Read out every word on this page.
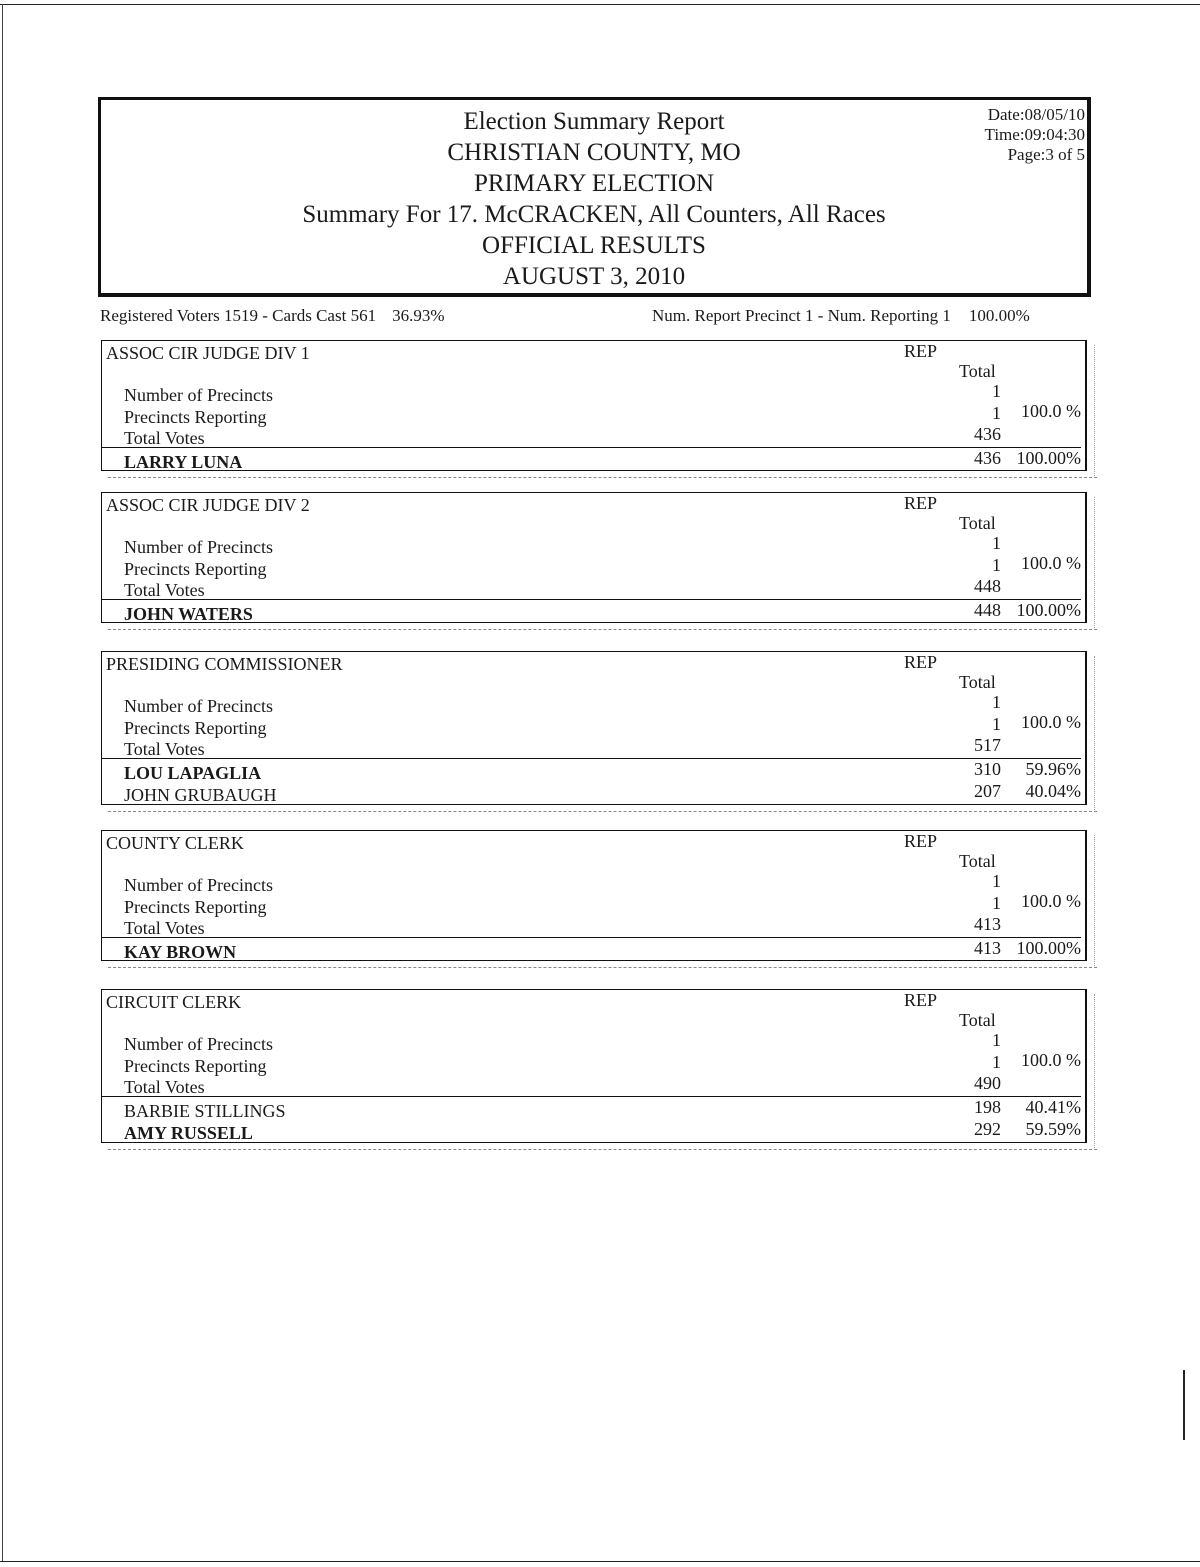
Election Summary Report
CHRISTIAN COUNTY, MO
PRIMARY ELECTION
Summary For 17. McCRACKEN, All Counters, All Races
OFFICIAL RESULTS
AUGUST 3, 2010
Date:08/05/10
Time:09:04:30
Page:3 of 5
Registered Voters 1519 - Cards Cast 561 36.93%	Num. Report Precinct 1 - Num. Reporting 1 100.00%
ASSOC CIR JUDGE DIV 1	REP
Total
Number of Precincts	1
Precincts Reporting	1 100.0 %
Total Votes	436
LARRY LUNA	436 100.00%
ASSOC CIR JUDGE DIV 2	REP
Total
Number of Precincts	1
Precincts Reporting	1 100.0 %
Total Votes	448
JOHN WATERS	448 100.00%
PRESIDING COMMISSIONER	REP
Total
Number of Precincts	1
Precincts Reporting	1 100.0 %
Total Votes	517
LOU LAPAGLIA	310 59.96%
JOHN GRUBAUGH	207 40.04%
COUNTY CLERK	REP
Total
Number of Precincts	1
Precincts Reporting	1 100.0 %
Total Votes	413
KAY BROWN	413 100.00%
CIRCUIT CLERK	REP
Total
Number of Precincts	1
Precincts Reporting	1 100.0 %
Total Votes	490
BARBIE STILLINGS	198 40.41%
AMY RUSSELL	292 59.59%
